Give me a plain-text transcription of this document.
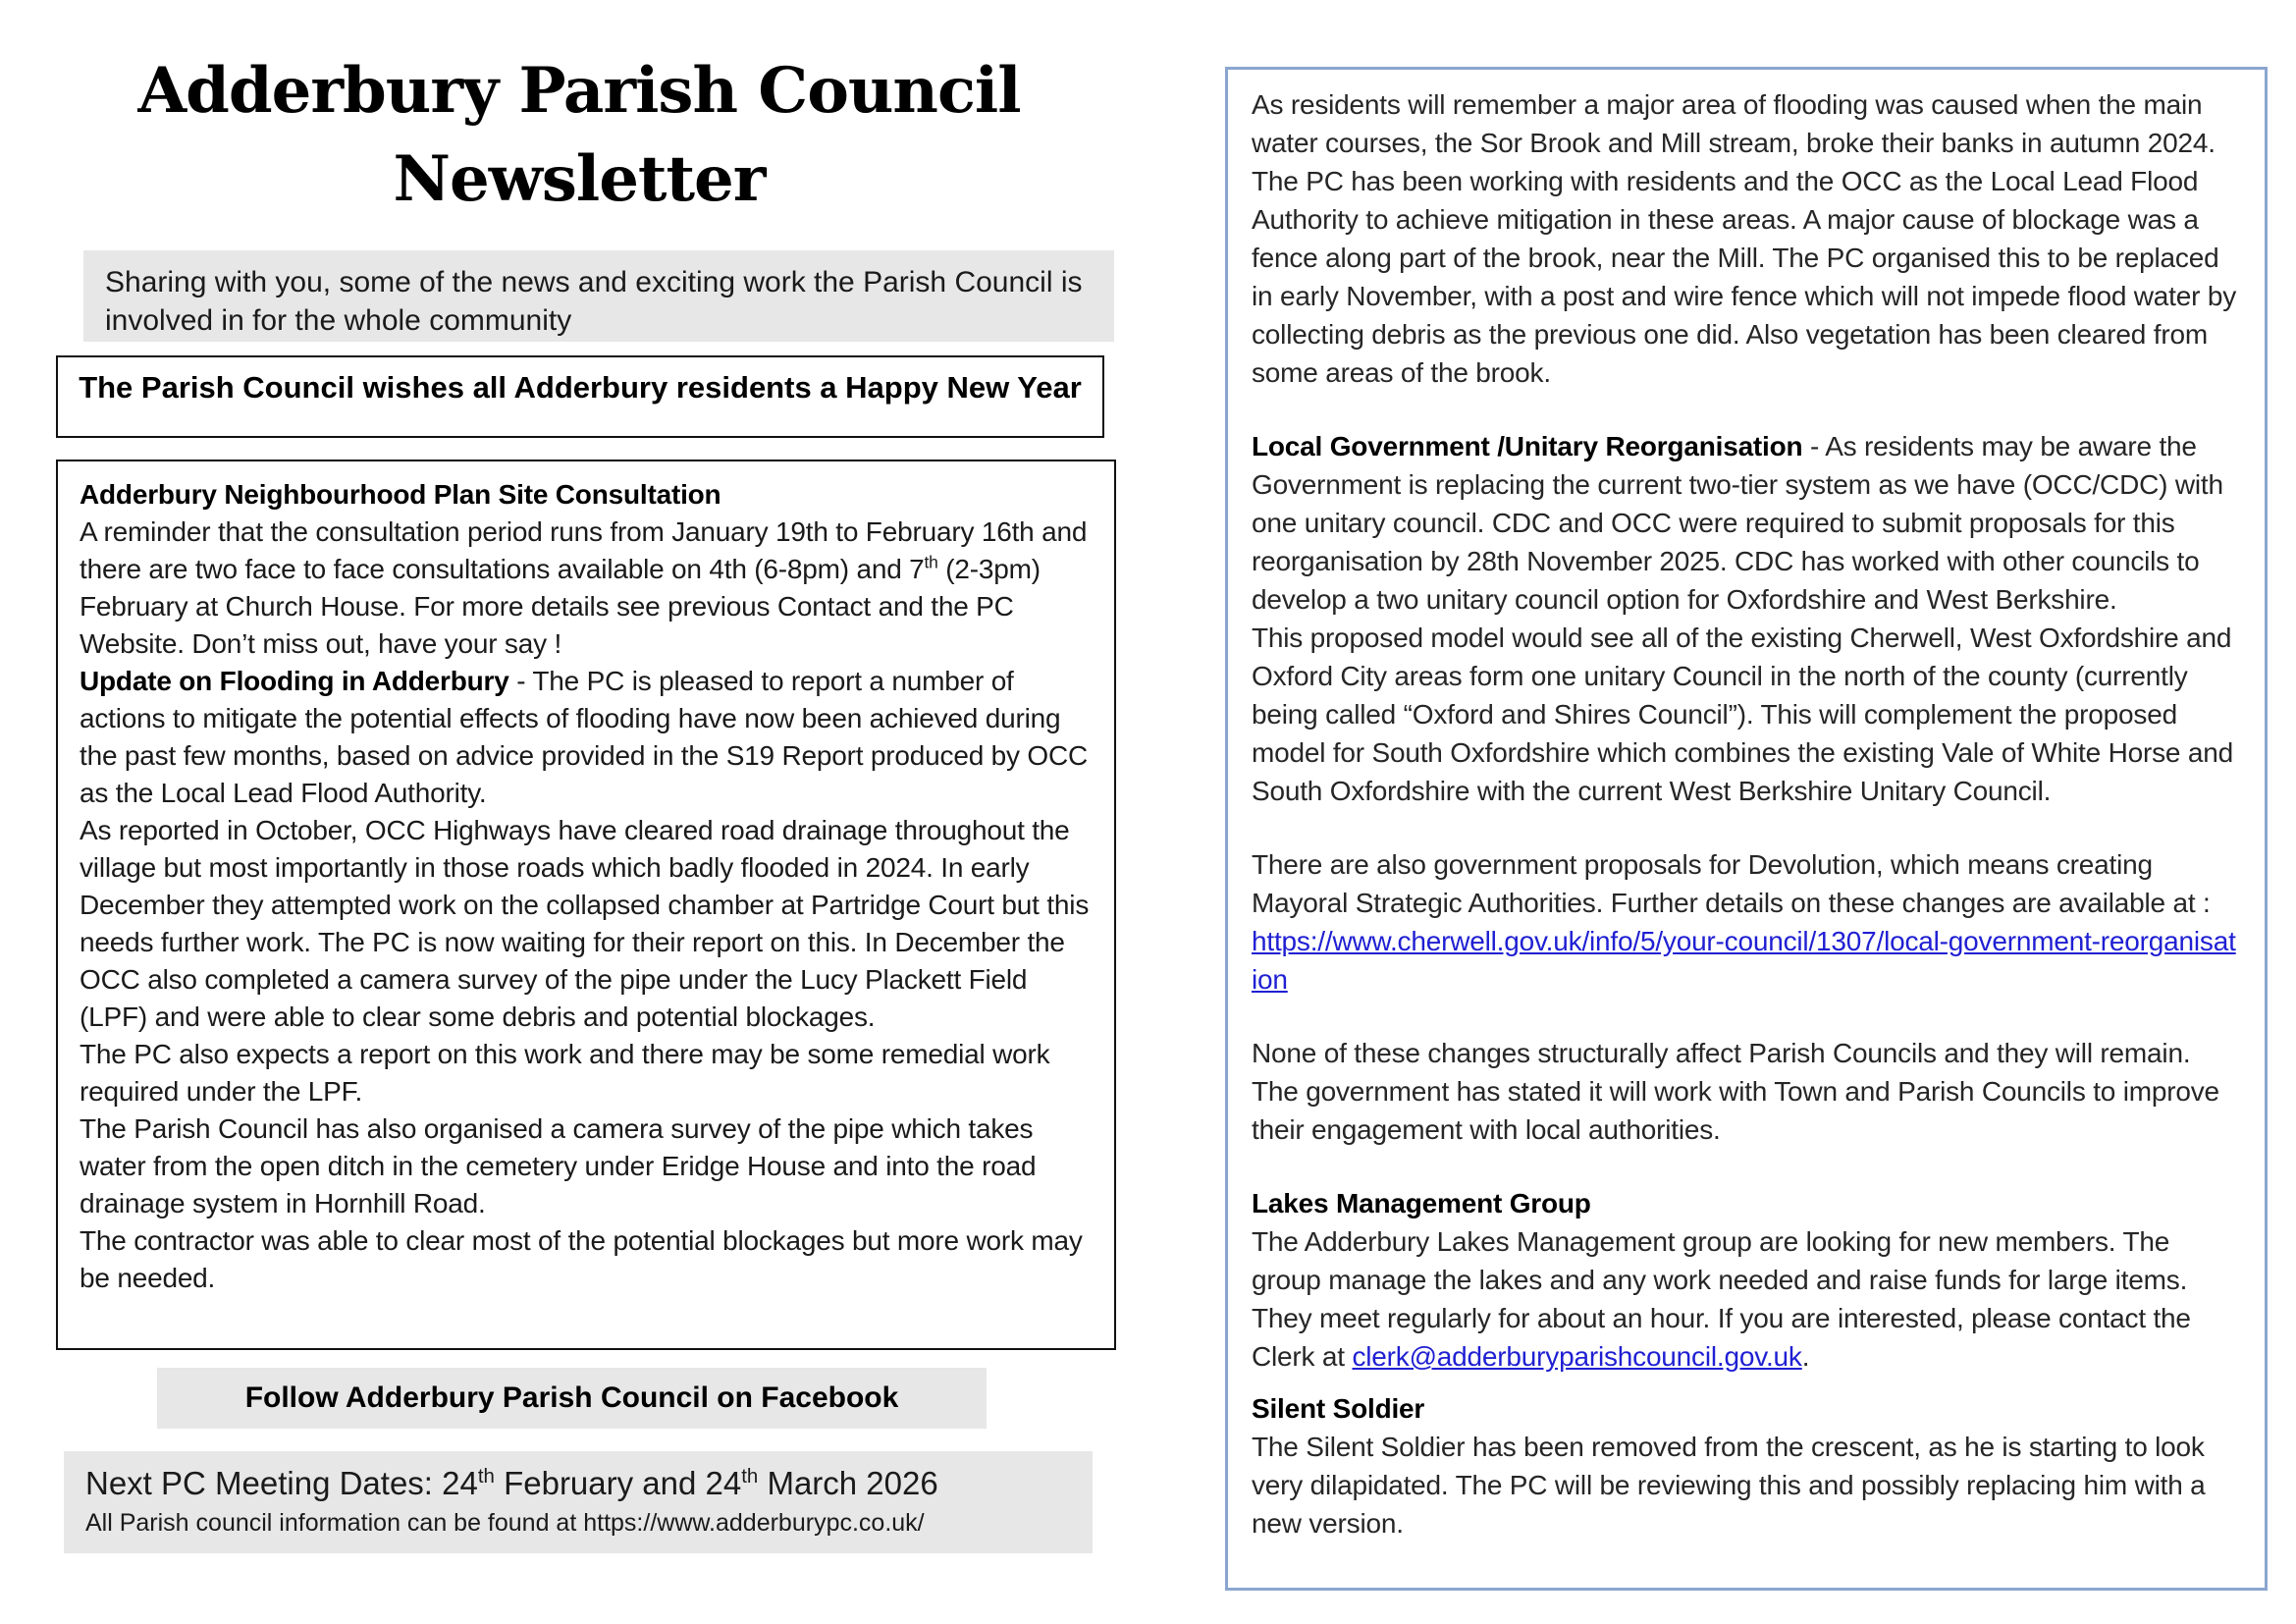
Adderbury Parish Council
Newsletter
Sharing with you, some of the news and exciting work the Parish Council is involved in for the whole community
The Parish Council wishes all Adderbury residents a Happy New Year

Adderbury Neighbourhood Plan Site Consultation
A reminder that the consultation period runs from January 19th to February 16th and there are two face to face consultations available on 4th (6-8pm) and 7th (2-3pm) February at Church House. For more details see previous Contact and the PC Website. Don’t miss out, have your say !

Update on Flooding in Adderbury - The PC is pleased to report a number of actions to mitigate the potential effects of flooding have now been achieved during the past few months, based on advice provided in the S19 Report produced by OCC as the Local Lead Flood Authority.

As reported in October, OCC Highways have cleared road drainage throughout the village but most importantly in those roads which badly flooded in 2024. In early December they attempted work on the collapsed chamber at Partridge Court but this needs further work. The PC is now waiting for their report on this. In December the OCC also completed a camera survey of the pipe under the Lucy Plackett Field (LPF) and were able to clear some debris and potential blockages.

The PC also expects a report on this work and there may be some remedial work required under the LPF.

The Parish Council has also organised a camera survey of the pipe which takes water from the open ditch in the cemetery under Eridge House and into the road drainage system in Hornhill Road.

The contractor was able to clear most of the potential blockages but more work may be needed.

Follow Adderbury Parish Council on Facebook

Next PC Meeting Dates: 24th February and 24th March 2026

All Parish council information can be found at https://www.adderburypc.co.uk/

As residents will remember a major area of flooding was caused when the main water courses, the Sor Brook and Mill stream, broke their banks in autumn 2024. The PC has been working with residents and the OCC as the Local Lead Flood Authority to achieve mitigation in these areas. A major cause of blockage was a fence along part of the brook, near the Mill. The PC organised this to be replaced in early November, with a post and wire fence which will not impede flood water by collecting debris as the previous one did. Also vegetation has been cleared from some areas of the brook.

Local Government /Unitary Reorganisation - As residents may be aware the Government is replacing the current two-tier system as we have (OCC/CDC) with one unitary council. CDC and OCC were required to submit proposals for this reorganisation by 28th November 2025. CDC has worked with other councils to develop a two unitary council option for Oxfordshire and West Berkshire.

This proposed model would see all of the existing Cherwell, West Oxfordshire and Oxford City areas form one unitary Council in the north of the county (currently being called “Oxford and Shires Council”). This will complement the proposed model for South Oxfordshire which combines the existing Vale of White Horse and South Oxfordshire with the current West Berkshire Unitary Council.

There are also government proposals for Devolution, which means creating Mayoral Strategic Authorities. Further details on these changes are available at :
https://www.cherwell.gov.uk/info/5/your-council/1307/local-government-reorganisation

None of these changes structurally affect Parish Councils and they will remain. The government has stated it will work with Town and Parish Councils to improve their engagement with local authorities.

Lakes Management Group
The Adderbury Lakes Management group are looking for new members. The group manage the lakes and any work needed and raise funds for large items. They meet regularly for about an hour. If you are interested, please contact the Clerk at clerk@adderburyparishcouncil.gov.uk.

Silent Soldier
The Silent Soldier has been removed from the crescent, as he is starting to look very dilapidated. The PC will be reviewing this and possibly replacing him with a new version.
